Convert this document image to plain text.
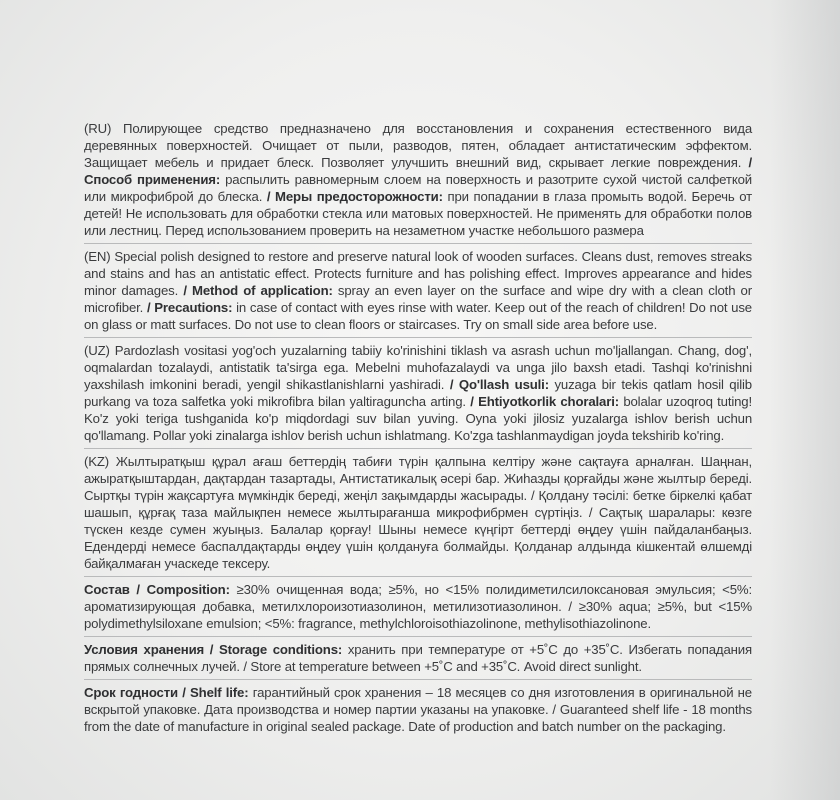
(RU) Полирующее средство предназначено для восстановления и сохранения естественного вида деревянных поверхностей. Очищает от пыли, разводов, пятен, обладает антистатическим эффектом. Защищает мебель и придает блеск. Позволяет улучшить внешний вид, скрывает легкие повреждения. / Способ применения: распылить равномерным слоем на поверхность и разотрите сухой чистой салфеткой или микрофиброй до блеска. / Меры предосторожности: при попадании в глаза промыть водой. Беречь от детей! Не использовать для обработки стекла или матовых поверхностей. Не применять для обработки полов или лестниц. Перед использованием проверить на незаметном участке небольшого размера
(EN) Special polish designed to restore and preserve natural look of wooden surfaces. Cleans dust, removes streaks and stains and has an antistatic effect. Protects furniture and has polishing effect. Improves appearance and hides minor damages. / Method of application: spray an even layer on the surface and wipe dry with a clean cloth or microfiber. / Precautions: in case of contact with eyes rinse with water. Keep out of the reach of children! Do not use on glass or matt surfaces. Do not use to clean floors or staircases. Try on small side area before use.
(UZ) Pardozlash vositasi yog'och yuzalarning tabiiy ko'rinishini tiklash va asrash uchun mo'ljallangan. Chang, dog', oqmalardan tozalaydi, antistatik ta'sirga ega. Mebelni muhofazalaydi va unga jilo baxsh etadi. Tashqi ko'rinishni yaxshilash imkonini beradi, yengil shikastlanishlarni yashiradi. / Qo'llash usuli: yuzaga bir tekis qatlam hosil qilib purkang va toza salfetka yoki mikrofibra bilan yaltiraguncha arting. / Ehtiyotkorlik choralari: bolalar uzoqroq tuting! Ko'z yoki teriga tushganida ko'p miqdordagi suv bilan yuving. Oyna yoki jilosiz yuzalarga ishlov berish uchun qo'llamang. Pollar yoki zinalarga ishlov berish uchun ishlatmang. Ko'zga tashlanmaydigan joyda tekshirib ko'ring.
(KZ) Жылтыратқыш құрал ағаш беттердің табиғи түрін қалпына келтіру және сақтауға арналған. Шаңнан, ажыратқыштардан, дақтардан тазартады, Антистатикалық әсері бар. Жиһазды қорғайды және жылтыр береді. Сыртқы түрін жақсартуға мүмкіндік береді, жеңіл зақымдарды жасырады. / Қолдану тәсілі: бетке біркелкі қабат шашып, құрғақ таза майлықпен немесе жылтырағанша микрофибрмен сүртіңіз. / Сақтық шаралары: көзге түскен кезде сумен жуыңыз. Балалар қорғау! Шыны немесе күңгірт беттерді өңдеу үшін пайдаланбаңыз. Едендерді немесе баспалдақтарды өңдеу үшін қолдануға болмайды. Қолданар алдында кішкентай өлшемді байқалмаған учаскеде тексеру.
Состав / Composition: ≥30% очищенная вода; ≥5%, но <15% полидиметилсилоксановая эмульсия; <5%: ароматизирующая добавка, метилхлороизотиазолинон, метилизотиазолинон. / ≥30% aqua; ≥5%, but <15% polydimethylsiloxane emulsion; <5%: fragrance, methylchloroisothiazolinone, methylisothiazolinone.
Условия хранения / Storage conditions: хранить при температуре от +5˚С до +35˚С. Избегать попадания прямых солнечных лучей. / Store at temperature between +5˚С and +35˚С. Avoid direct sunlight.
Срок годности / Shelf life: гарантийный срок хранения – 18 месяцев со дня изготовления в оригинальной не вскрытой упаковке. Дата производства и номер партии указаны на упаковке. / Guaranteed shelf life - 18 months from the date of manufacture in original sealed package. Date of production and batch number on the packaging.
